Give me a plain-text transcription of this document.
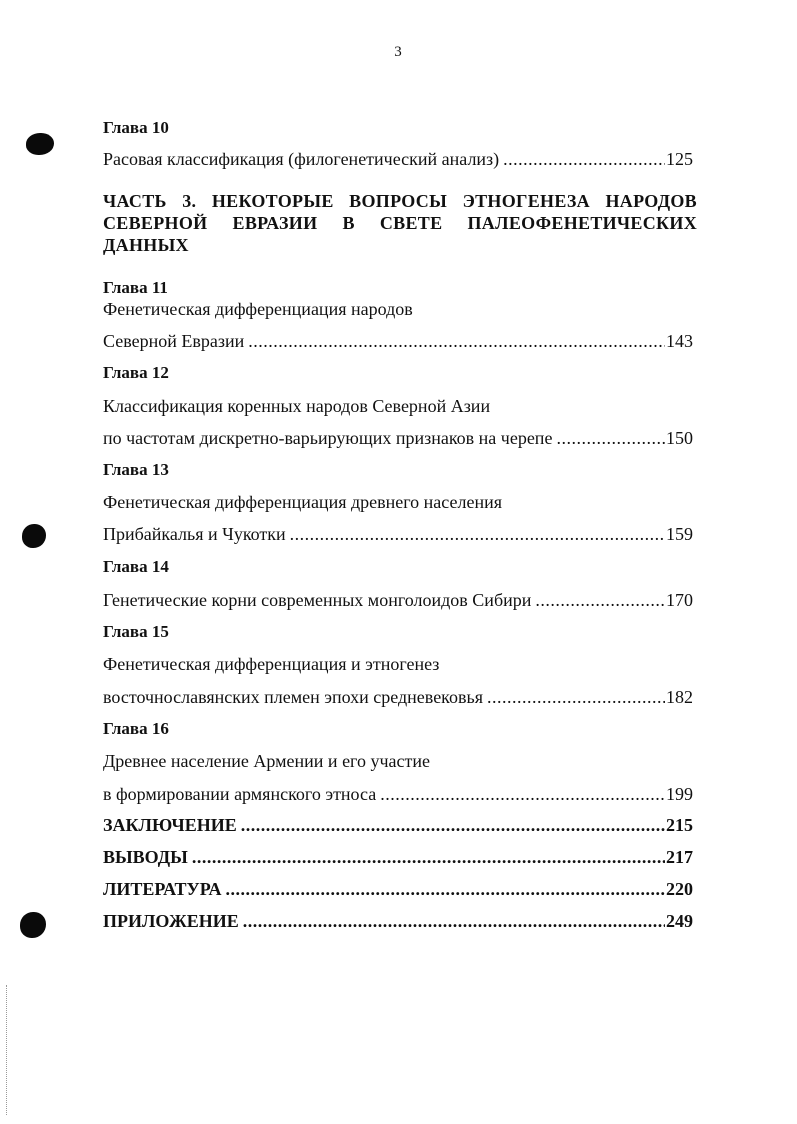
3
Глава 10
Расовая классификация (филогенетический анализ) .....	125
ЧАСТЬ 3. НЕКОТОРЫЕ ВОПРОСЫ ЭТНОГЕНЕЗА НАРОДОВ СЕВЕРНОЙ ЕВРАЗИИ В СВЕТЕ ПАЛЕОФЕНЕТИЧЕСКИХ ДАННЫХ
Глава 11
Фенетическая дифференциация народов
Северной Евразии .....	143
Глава 12
Классификация коренных народов Северной Азии
по частотам дискретно-варьирующих признаков на черепе .....	150
Глава 13
Фенетическая дифференциация древнего населения
Прибайкалья и Чукотки .....	159
Глава 14
Генетические корни современных монголоидов Сибири .....	170
Глава 15
Фенетическая дифференциация и этногенез
восточнославянских племен эпохи средневековья .....	182
Глава 16
Древнее население Армении и его участие
в формировании армянского этноса .....	199
ЗАКЛЮЧЕНИЕ .....	215
ВЫВОДЫ .....	217
ЛИТЕРАТУРА .....	220
ПРИЛОЖЕНИЕ .....	249
